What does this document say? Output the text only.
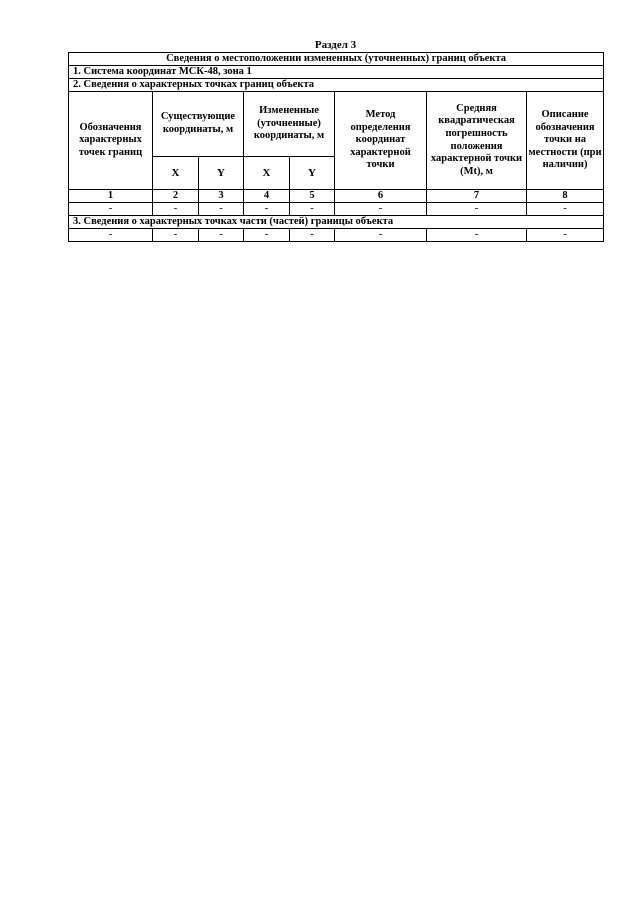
Раздел 3
Сведения о местоположении измененных (уточненных) границ объекта							
1. Система координат МСК-48, зона 1							
2. Сведения о характерных точках границ объекта							
Обозначения характерных точек границ	Существующие координаты, м		Измененные (уточненные) координаты, м		Метод определения координат характерной точки	Средняя квадратическая погрешность положения характерной точки (Mt), м	Описание обозначения точки на местности (при наличии)
	X	Y	X	Y			
1	2	3	4	5	6	7	8
-	-	-	-	-	-	-	-
3. Сведения о характерных точках части (частей) границы объекта							
-	-	-	-	-	-	-	-
